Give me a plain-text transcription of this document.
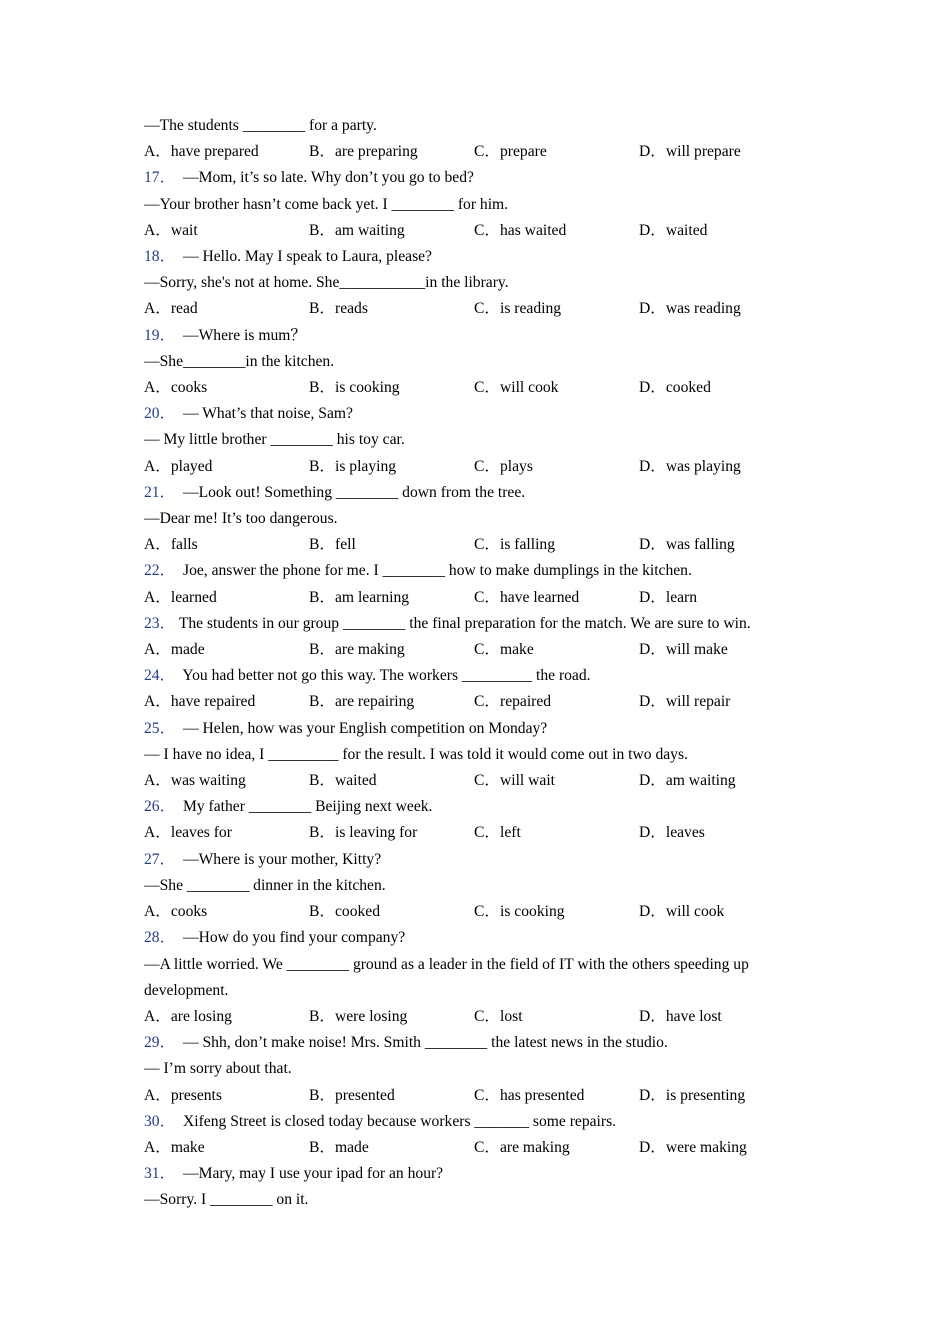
—The students ________ for a party.
A．have prepared	B．are preparing	C．prepare	D．will prepare
17． —Mom, it’s so late. Why don’t you go to bed?
—Your brother hasn’t come back yet. I ________ for him.
A．wait	B．am waiting	C．has waited	D．waited
18． — Hello. May I speak to Laura, please?
—Sorry, she's not at home. She___________in the library.
A．read	B．reads	C．is reading	D．was reading
19． —Where is mum？
—She________in the kitchen.
A．cooks	B．is cooking	C．will cook	D．cooked
20． — What’s that noise, Sam?
— My little brother ________ his toy car.
A．played	B．is playing	C．plays	D．was playing
21． —Look out! Something ________ down from the tree.
—Dear me! It’s too dangerous.
A．falls	B．fell	C．is falling	D．was falling
22． Joe, answer the phone for me. I ________ how to make dumplings in the kitchen.
A．learned	B．am learning	C．have learned	D．learn
23． The students in our group ________ the final preparation for the match. We are sure to win.
A．made	B．are making	C．make	D．will make
24． You had better not go this way. The workers _________ the road.
A．have repaired	B．are repairing	C．repaired	D．will repair
25． — Helen, how was your English competition on Monday?
— I have no idea, I _________ for the result. I was told it would come out in two days.
A．was waiting	B．waited	C．will wait	D．am waiting
26． My father ________ Beijing next week.
A．leaves for	B．is leaving for	C．left	D．leaves
27． —Where is your mother, Kitty?
—She ________ dinner in the kitchen.
A．cooks	B．cooked	C．is cooking	D．will cook
28． —How do you find your company?
—A little worried. We ________ ground as a leader in the field of IT with the others speeding up development.
A．are losing	B．were losing	C．lost	D．have lost
29． — Shh, don’t make noise! Mrs. Smith ________ the latest news in the studio.
— I’m sorry about that.
A．presents	B．presented	C．has presented	D．is presenting
30． Xifeng Street is closed today because workers _______ some repairs.
A．make	B．made	C．are making	D．were making
31． —Mary, may I use your ipad for an hour?
—Sorry. I ________ on it.
